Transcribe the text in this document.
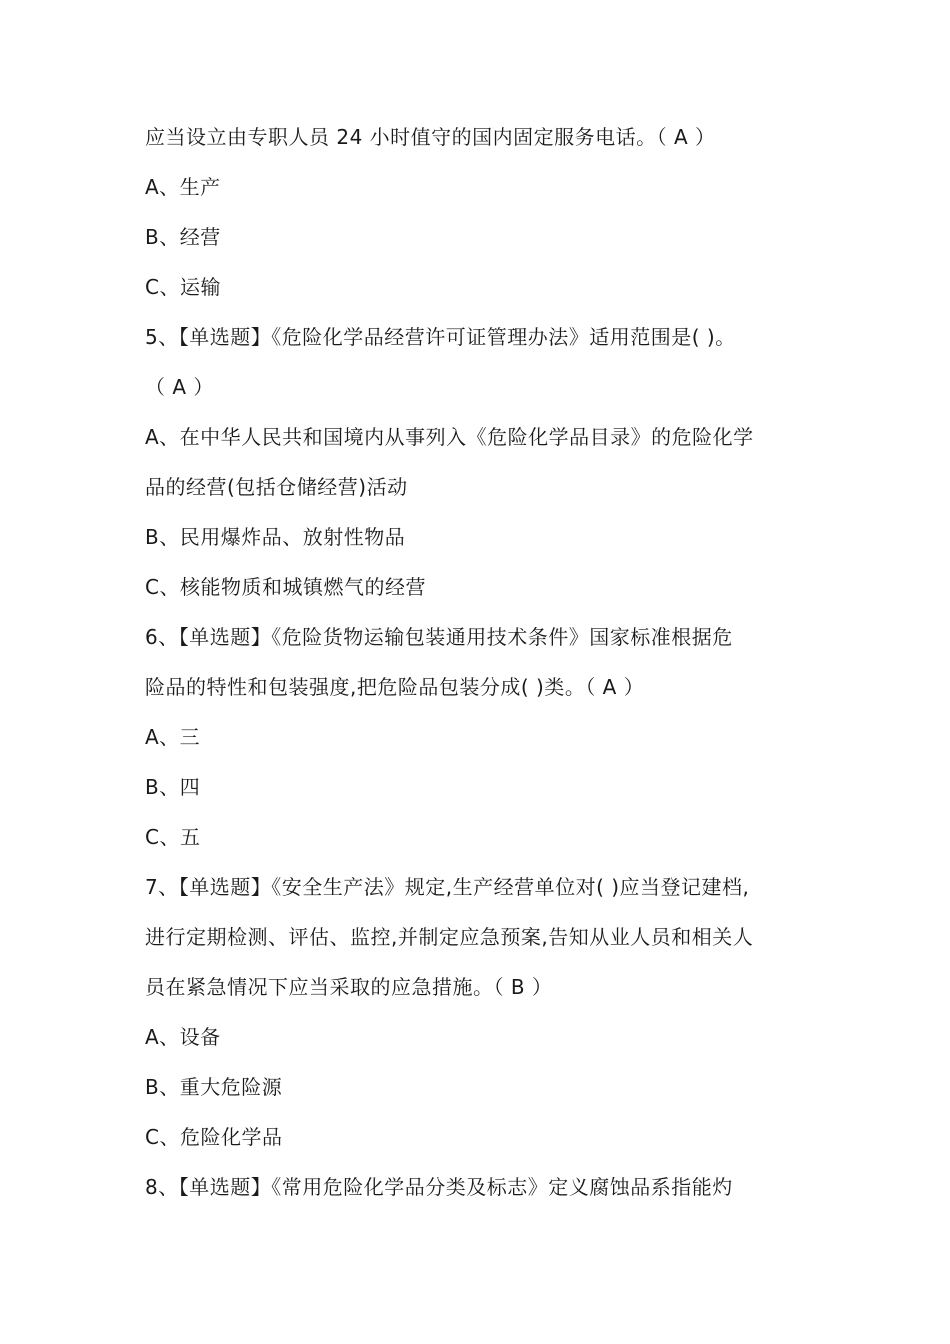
应当设立由专职人员 24 小时值守的国内固定服务电话。（ A ）
A、生产
B、经营
C、运输
5、【单选题】《危险化学品经营许可证管理办法》适用范围是( )。
（ A ）
A、在中华人民共和国境内从事列入《危险化学品目录》的危险化学
品的经营(包括仓储经营)活动
B、民用爆炸品、放射性物品
C、核能物质和城镇燃气的经营
6、【单选题】《危险货物运输包装通用技术条件》国家标准根据危
险品的特性和包装强度,把危险品包装分成( )类。（ A ）
A、三
B、四
C、五
7、【单选题】《安全生产法》规定,生产经营单位对( )应当登记建档,
进行定期检测、评估、监控,并制定应急预案,告知从业人员和相关人
员在紧急情况下应当采取的应急措施。（ B ）
A、设备
B、重大危险源
C、危险化学品
8、【单选题】《常用危险化学品分类及标志》定义腐蚀品系指能灼
